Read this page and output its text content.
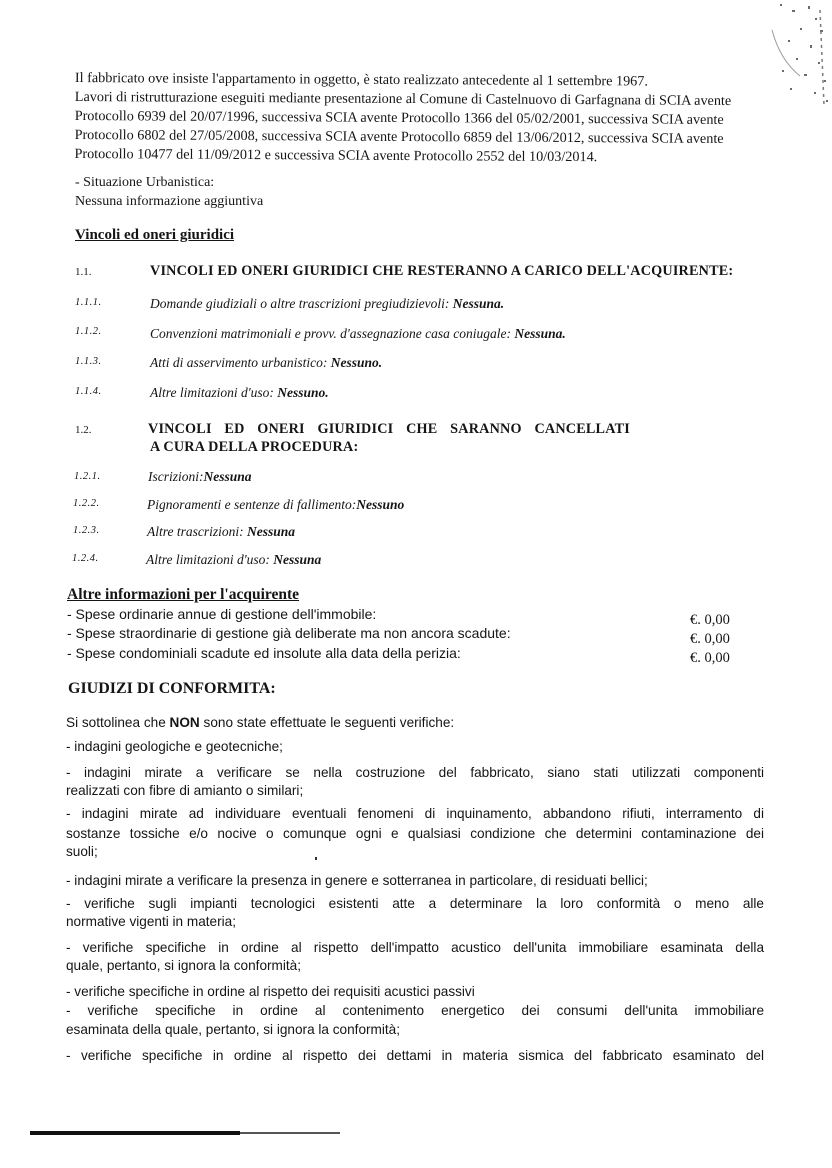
Il fabbricato ove insiste l'appartamento in oggetto, è stato realizzato antecedente al 1 settembre 1967.
Lavori di ristrutturazione eseguiti mediante presentazione al Comune di Castelnuovo di Garfagnana di SCIA avente
Protocollo 6939 del 20/07/1996, successiva SCIA avente Protocollo 1366 del 05/02/2001, successiva SCIA avente
Protocollo 6802 del 27/05/2008, successiva SCIA avente Protocollo 6859 del 13/06/2012, successiva SCIA avente
Protocollo 10477 del 11/09/2012 e successiva SCIA avente Protocollo 2552 del 10/03/2014.
- Situazione Urbanistica:
Nessuna informazione aggiuntiva
Vincoli ed oneri giuridici
1.1.	VINCOLI ED ONERI GIURIDICI CHE RESTERANNO A CARICO DELL'ACQUIRENTE:
1.1.1.	Domande giudiziali o altre trascrizioni pregiudizievoli: Nessuna.
1.1.2.	Convenzioni matrimoniali e provv. d'assegnazione casa coniugale: Nessuna.
1.1.3.	Atti di asservimento urbanistico: Nessuno.
1.1.4.	Altre limitazioni d'uso: Nessuno.
1.2.	VINCOLI ED ONERI GIURIDICI CHE SARANNO CANCELLATI
A CURA DELLA PROCEDURA:
1.2.1.	Iscrizioni:Nessuna
1.2.2.	Pignoramenti e sentenze di fallimento:Nessuno
1.2.3.	Altre trascrizioni: Nessuna
1.2.4.	Altre limitazioni d'uso: Nessuna
Altre informazioni per l'acquirente
- Spese ordinarie annue di gestione dell'immobile:	€. 0,00
- Spese straordinarie di gestione già deliberate ma non ancora scadute:	€. 0,00
- Spese condominiali scadute ed insolute alla data della perizia:	€. 0,00
GIUDIZI DI CONFORMITA:
Si sottolinea che NON sono state effettuate le seguenti verifiche:
- indagini geologiche e geotecniche;
- indagini mirate a verificare se nella costruzione del fabbricato, siano stati utilizzati componenti
realizzati con fibre di amianto o similari;
- indagini mirate ad individuare eventuali fenomeni di inquinamento, abbandono rifiuti, interramento di
sostanze tossiche e/o nocive o comunque ogni e qualsiasi condizione che determini contaminazione dei
suoli;
- indagini mirate a verificare la presenza in genere e sotterranea in particolare, di residuati bellici;
- verifiche sugli impianti tecnologici esistenti atte a determinare la loro conformità o meno alle
normative vigenti in materia;
- verifiche specifiche in ordine al rispetto dell'impatto acustico dell'unita immobiliare esaminata della
quale, pertanto, si ignora la conformità;
- verifiche specifiche in ordine al rispetto dei requisiti acustici passivi
- verifiche specifiche in ordine al contenimento energetico dei consumi dell'unita immobiliare
esaminata della quale, pertanto, si ignora la conformità;
- verifiche specifiche in ordine al rispetto dei dettami in materia sismica del fabbricato esaminato del
